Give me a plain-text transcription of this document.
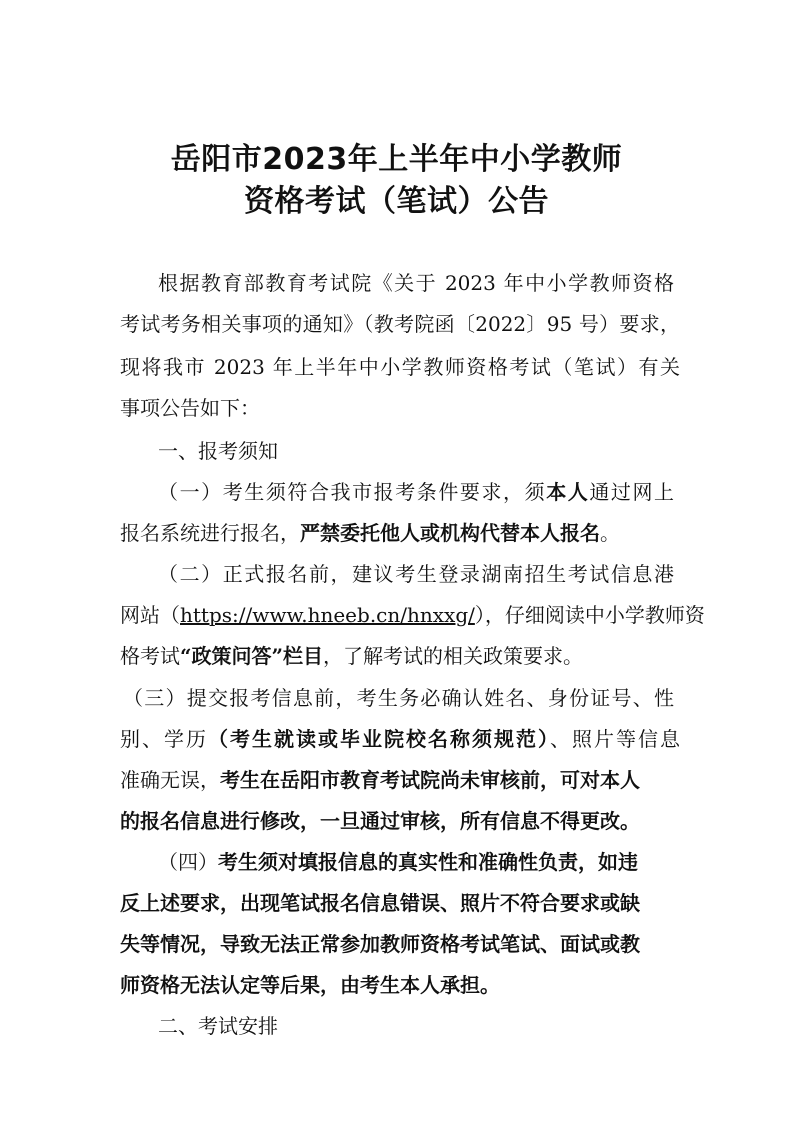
岳阳市2023年上半年中小学教师
资格考试（笔试）公告
根据教育部教育考试院《关于 2023 年中小学教师资格
考试考务相关事项的通知》（教考院函〔2022〕95 号）要求，
现将我市 2023 年上半年中小学教师资格考试（笔试）有关
事项公告如下：
一、报考须知
（一）考生须符合我市报考条件要求，须本人通过网上
报名系统进行报名，严禁委托他人或机构代替本人报名。
（二）正式报名前，建议考生登录湖南招生考试信息港
网站（https://www.hneeb.cn/hnxxg/），仔细阅读中小学教师资
格考试“政策问答”栏目，了解考试的相关政策要求。
（三）提交报考信息前，考生务必确认姓名、身份证号、性
别、学历（考生就读或毕业院校名称须规范）、照片等信息
准确无误，考生在岳阳市教育考试院尚未审核前，可对本人
的报名信息进行修改，一旦通过审核，所有信息不得更改。
（四）考生须对填报信息的真实性和准确性负责，如违
反上述要求，出现笔试报名信息错误、照片不符合要求或缺
失等情况，导致无法正常参加教师资格考试笔试、面试或教
师资格无法认定等后果，由考生本人承担。
二、考试安排
